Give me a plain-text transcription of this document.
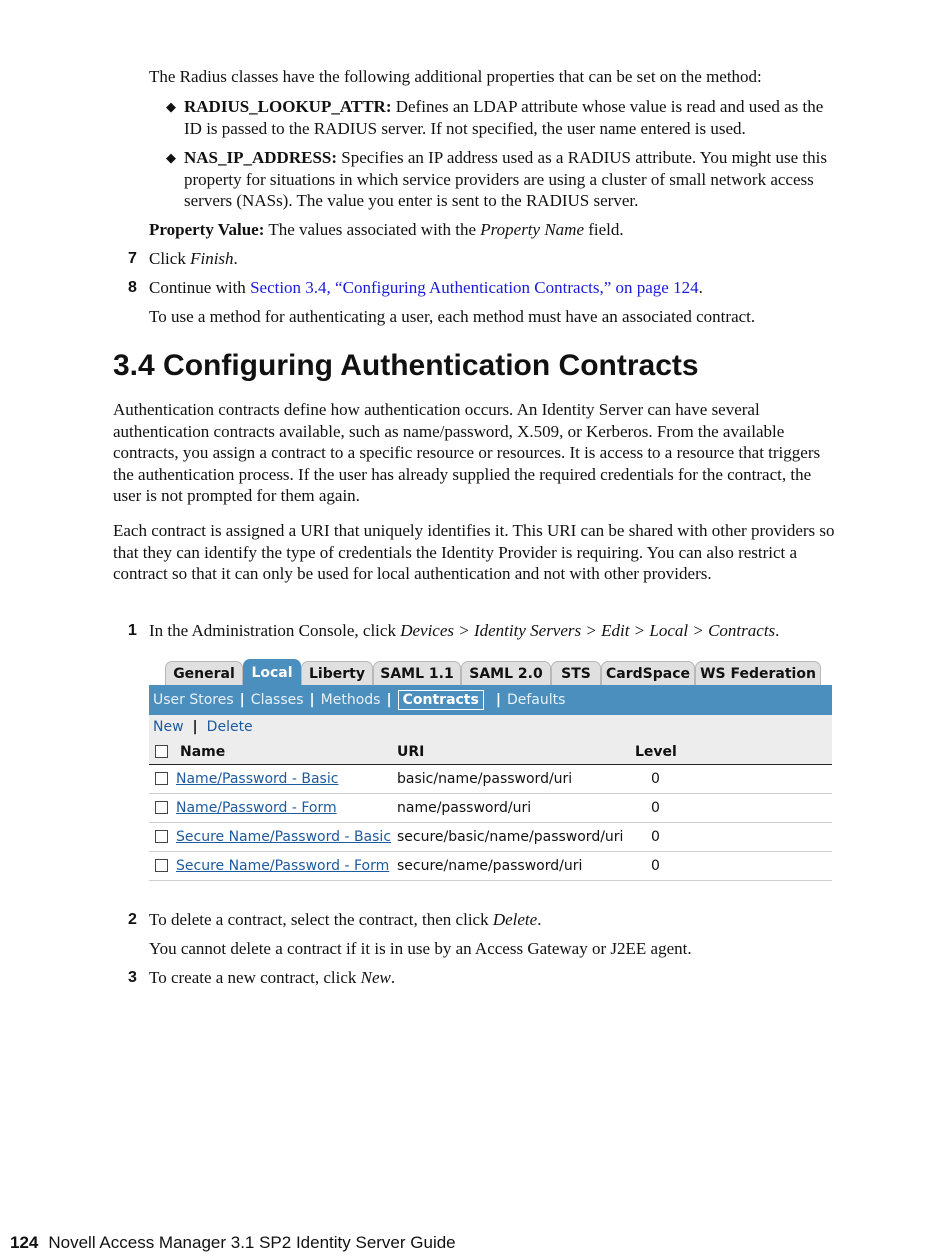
The Radius classes have the following additional properties that can be set on the method:
◆ RADIUS_LOOKUP_ATTR: Defines an LDAP attribute whose value is read and used as the ID is passed to the RADIUS server. If not specified, the user name entered is used.
◆ NAS_IP_ADDRESS: Specifies an IP address used as a RADIUS attribute. You might use this property for situations in which service providers are using a cluster of small network access servers (NASs). The value you enter is sent to the RADIUS server.
Property Value: The values associated with the Property Name field.
7 Click Finish.
8 Continue with Section 3.4, “Configuring Authentication Contracts,” on page 124.
To use a method for authenticating a user, each method must have an associated contract.
3.4 Configuring Authentication Contracts
Authentication contracts define how authentication occurs. An Identity Server can have several authentication contracts available, such as name/password, X.509, or Kerberos. From the available contracts, you assign a contract to a specific resource or resources. It is access to a resource that triggers the authentication process. If the user has already supplied the required credentials for the contract, the user is not prompted for them again.
Each contract is assigned a URI that uniquely identifies it. This URI can be shared with other providers so that they can identify the type of credentials the Identity Provider is requiring. You can also restrict a contract so that it can only be used for local authentication and not with other providers.
1 In the Administration Console, click Devices > Identity Servers > Edit > Local > Contracts.
General	Local	Liberty	SAML 1.1	SAML 2.0	STS	CardSpace WS Federation
User Stores | Classes | Methods | Contracts	| Defaults
New | Delete
Name	URI	Level
Name/Password - Basic	basic/name/password/uri	0
Name/Password - Form	name/password/uri	0
Secure Name/Password - Basic secure/basic/name/password/uri 0
Secure Name/Password - Form secure/name/password/uri	0
2 To delete a contract, select the contract, then click Delete.
You cannot delete a contract if it is in use by an Access Gateway or J2EE agent.
3 To create a new contract, click New.
124 Novell Access Manager 3.1 SP2 Identity Server Guide
